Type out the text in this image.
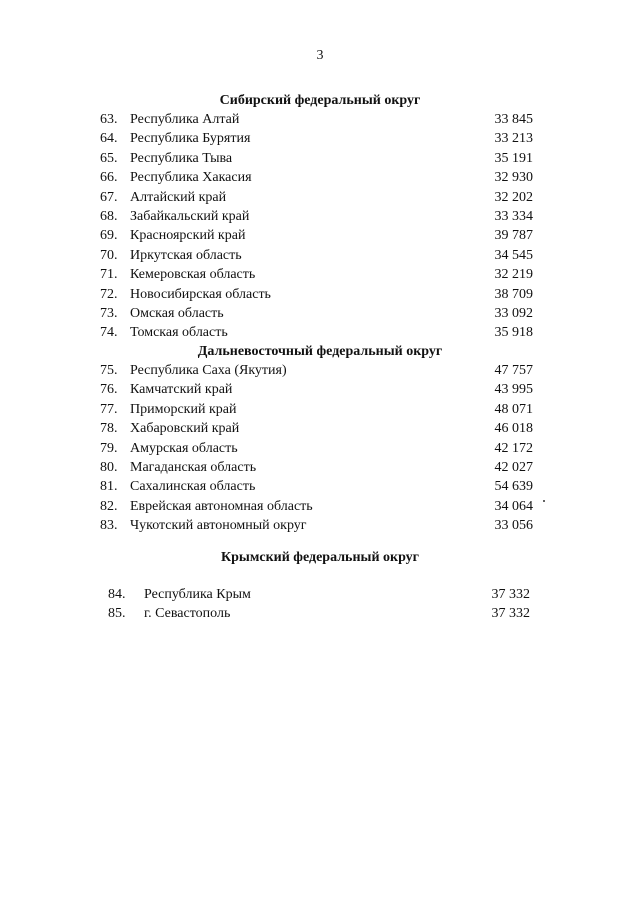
3
Сибирский федеральный округ
63. Республика Алтай	33 845
64. Республика Бурятия	33 213
65. Республика Тыва	35 191
66. Республика Хакасия	32 930
67. Алтайский край	32 202
68. Забайкальский край	33 334
69. Красноярский край	39 787
70. Иркутская область	34 545
71. Кемеровская область	32 219
72. Новосибирская область	38 709
73. Омская область	33 092
74. Томская область	35 918
Дальневосточный федеральный округ
75. Республика Саха (Якутия)	47 757
76. Камчатский край	43 995
77. Приморский край	48 071
78. Хабаровский край	46 018
79. Амурская область	42 172
80. Магаданская область	42 027
81. Сахалинская область	54 639
82. Еврейская автономная область	34 064
83. Чукотский автономный округ	33 056
Крымский федеральный округ
84.	Республика Крым	37 332
85.	г. Севастополь	37 332
